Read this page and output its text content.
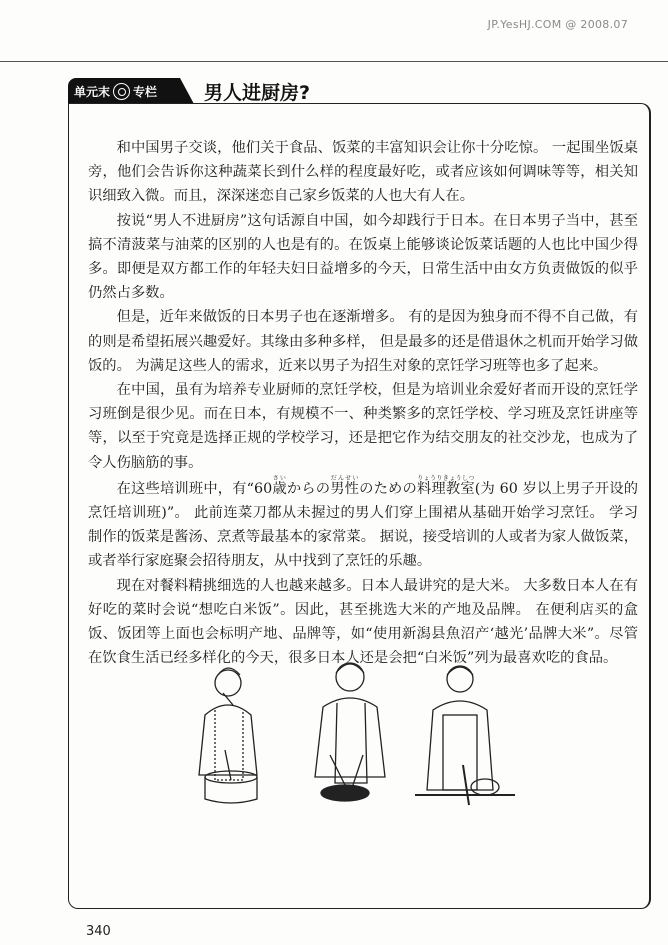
JP.YesHJ.COM @ 2008.07
单元末 专栏 男人进厨房?

和中国男子交谈，他们关于食品、饭菜的丰富知识会让你十分吃惊。 一起围坐饭桌旁，他们会告诉你这种蔬菜长到什么样的程度最好吃，或者应该如何调味等等，相关知识细致入微。而且，深深迷恋自己家乡饭菜的人也大有人在。

按说“男人不进厨房”这句话源自中国，如今却践行于日本。在日本男子当中，甚至搞不清菠菜与油菜的区别的人也是有的。在饭桌上能够谈论饭菜话题的人也比中国少得多。即便是双方都工作的年轻夫妇日益增多的今天，日常生活中由女方负责做饭的似乎仍然占多数。

但是，近年来做饭的日本男子也在逐渐增多。 有的是因为独身而不得不自己做，有的则是希望拓展兴趣爱好。其缘由多种多样， 但是最多的还是借退休之机而开始学习做饭的。 为满足这些人的需求，近来以男子为招生对象的烹饪学习班等也多了起来。

在中国，虽有为培养专业厨师的烹饪学校，但是为培训业余爱好者而开设的烹饪学习班倒是很少见。而在日本，有规模不一、种类繁多的烹饪学校、学习班及烹饪讲座等等，以至于究竟是选择正规的学校学习，还是把它作为结交朋友的社交沙龙，也成为了令人伤脑筋的事。

在这些培训班中，有“60歳さいからの男性だんせいのための料理教室りょうりきょうしつ(为 60 岁以上男子开设的烹饪培训班)”。 此前连菜刀都从未握过的男人们穿上围裙从基础开始学习烹饪。 学习制作的饭菜是酱汤、烹煮等最基本的家常菜。 据说，接受培训的人或者为家人做饭菜，或者举行家庭聚会招待朋友，从中找到了烹饪的乐趣。

现在对餐料精挑细选的人也越来越多。日本人最讲究的是大米。 大多数日本人在有好吃的菜时会说“想吃白米饭”。因此，甚至挑选大米的产地及品牌。 在便利店买的盒饭、饭团等上面也会标明产地、品牌等，如“使用新潟县魚沼产‘越光’品牌大米”。尽管在饮食生活已经多样化的今天，很多日本人还是会把“白米饭”列为最喜欢吃的食品。

340
